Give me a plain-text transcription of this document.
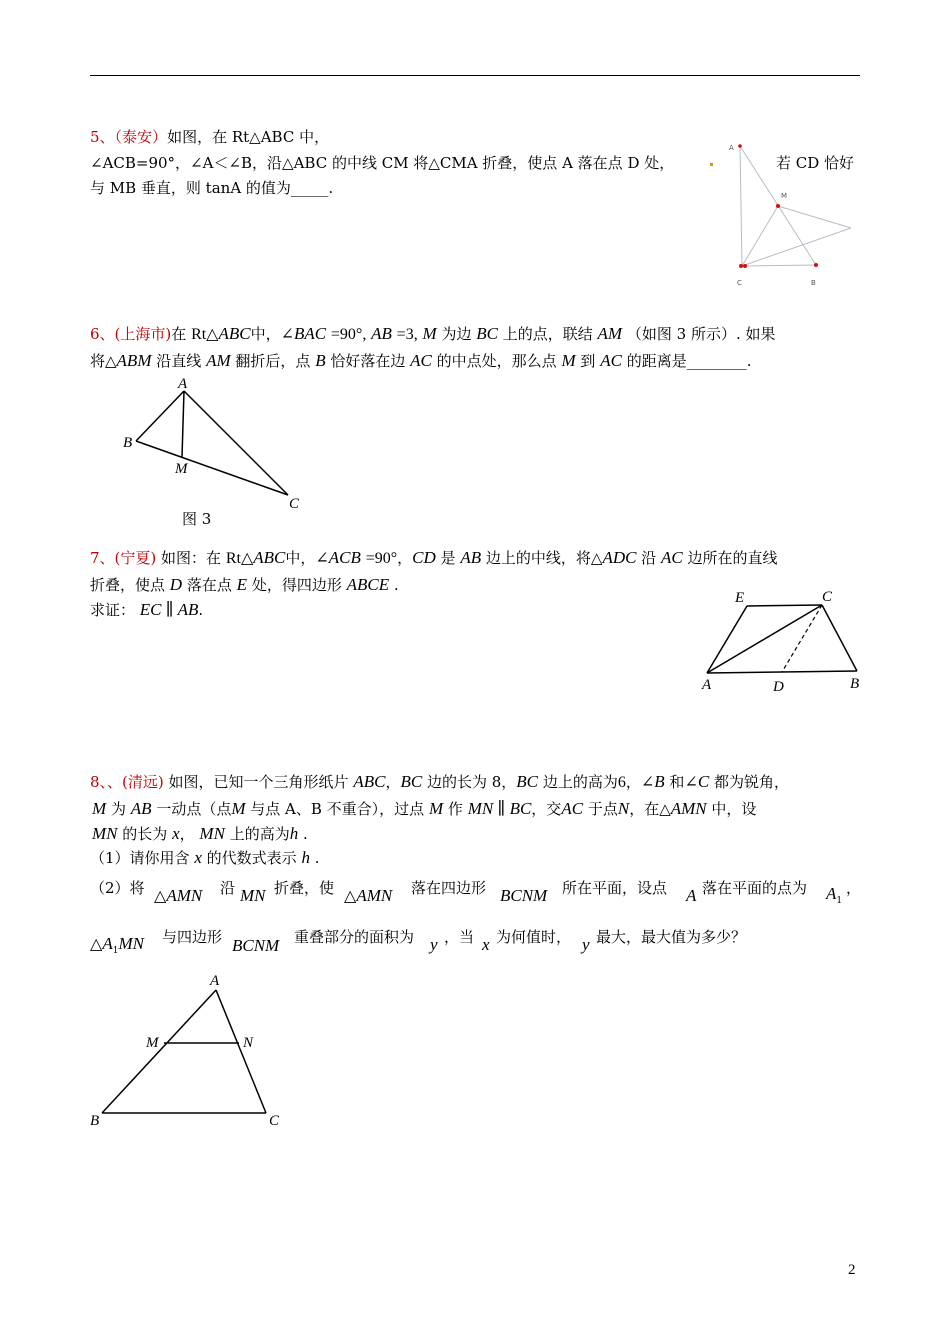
5、（泰安）如图，在 Rt△ABC 中，
∠ACB=90°，∠A＜∠B，沿△ABC 的中线 CM 将△CMA 折叠，使点 A 落在点 D 处，	若 CD 恰好
与 MB 垂直，则 tanA 的值为_____.
A
M
C	B
6、(上海市)在 Rt△ABC中，∠BAC =90°, AB =3, M 为边 BC 上的点，联结 AM （如图 3 所示）. 如果
将△ABM 沿直线 AM 翻折后，点 B 恰好落在边 AC 的中点处，那么点 M 到 AC 的距离是________.
A
B
M
C
图 3
7、(宁夏) 如图：在 Rt△ABC中，∠ACB =90°，CD 是 AB 边上的中线，将△ADC 沿 AC 边所在的直线
折叠，使点 D 落在点 E 处，得四边形 ABCE .
求证： EC ∥ AB.
E	C
A	D	B
8、、(清远) 如图，已知一个三角形纸片 ABC，BC 边的长为 8，BC 边上的高为6，∠B 和∠C 都为锐角，
M 为 AB 一动点（点M 与点 A、B 不重合），过点 M 作 MN ∥ BC，交AC 于点N，在△AMN 中，设
MN 的长为 x， MN 上的高为h .
（1）请你用含 x 的代数式表示 h .
（2）将 △AMN 沿 MN 折叠，使 △AMN 落在四边形 BCNM 所在平面，设点 A 落在平面的点为 $A_1$
，
$\triangle A_1MN$ 与四边形 BCNM 重叠部分的面积为 y ，当 x 为何值时， y 最大，最大值为多少？
A
M	N
B	C
2
